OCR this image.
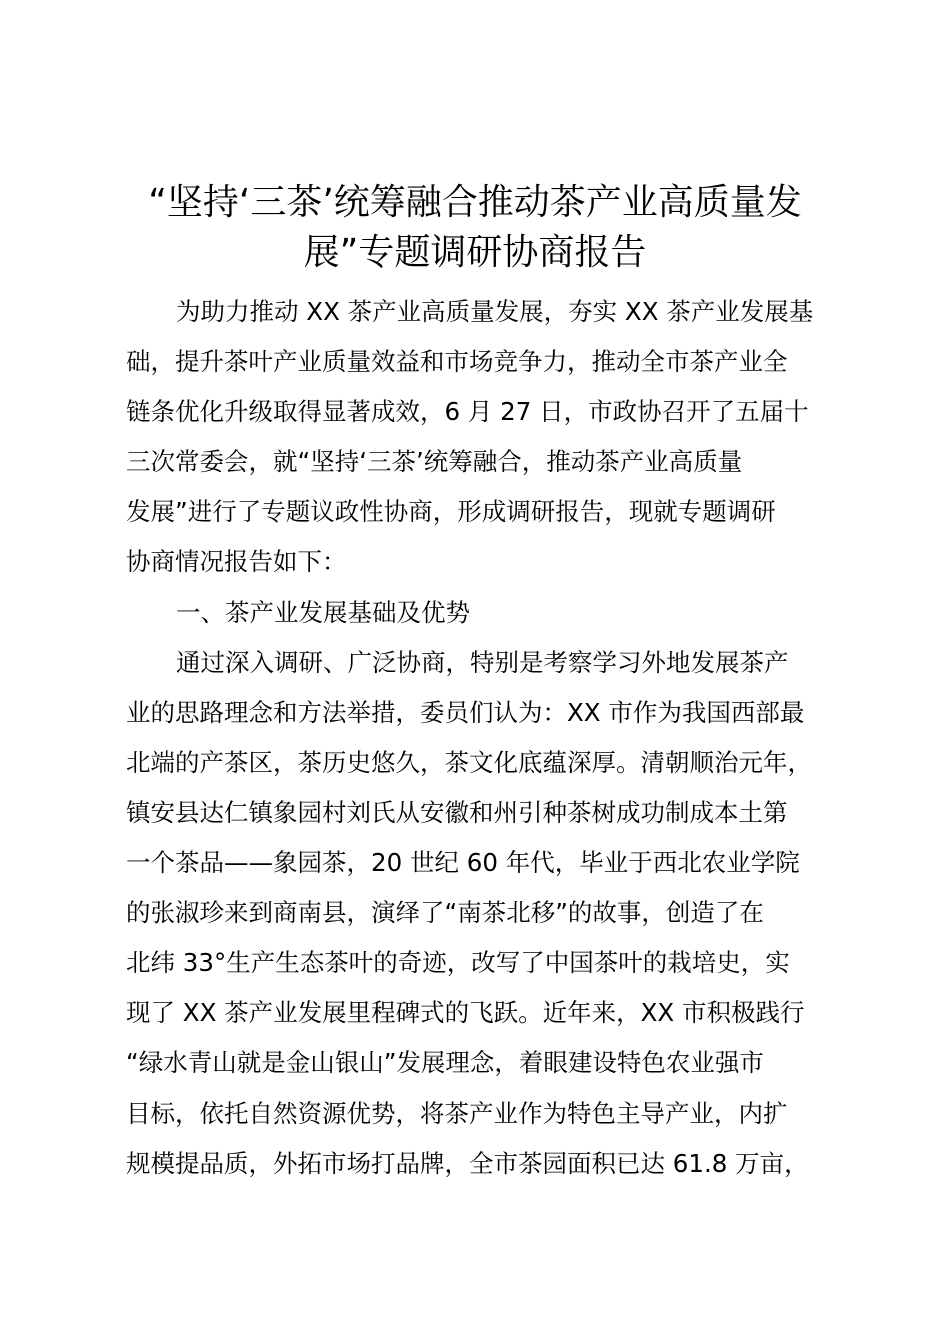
“坚持‘三茶’统筹融合推动茶产业高质量发
展”专题调研协商报告
为助力推动 XX 茶产业高质量发展，夯实 XX 茶产业发展基
础，提升茶叶产业质量效益和市场竞争力，推动全市茶产业全
链条优化升级取得显著成效，6 月 27 日，市政协召开了五届十
三次常委会，就“坚持‘三茶’统筹融合，推动茶产业高质量
发展”进行了专题议政性协商，形成调研报告，现就专题调研
协商情况报告如下：
一、茶产业发展基础及优势
通过深入调研、广泛协商，特别是考察学习外地发展茶产
业的思路理念和方法举措，委员们认为：XX 市作为我国西部最
北端的产茶区，茶历史悠久，茶文化底蕴深厚。清朝顺治元年，
镇安县达仁镇象园村刘氏从安徽和州引种茶树成功制成本土第
一个茶品——象园茶，20 世纪 60 年代，毕业于西北农业学院
的张淑珍来到商南县，演绎了“南茶北移”的故事，创造了在
北纬 33°生产生态茶叶的奇迹，改写了中国茶叶的栽培史，实
现了 XX 茶产业发展里程碑式的飞跃。近年来，XX 市积极践行
“绿水青山就是金山银山”发展理念，着眼建设特色农业强市
目标，依托自然资源优势，将茶产业作为特色主导产业，内扩
规模提品质，外拓市场打品牌，全市茶园面积已达 61.8 万亩，
